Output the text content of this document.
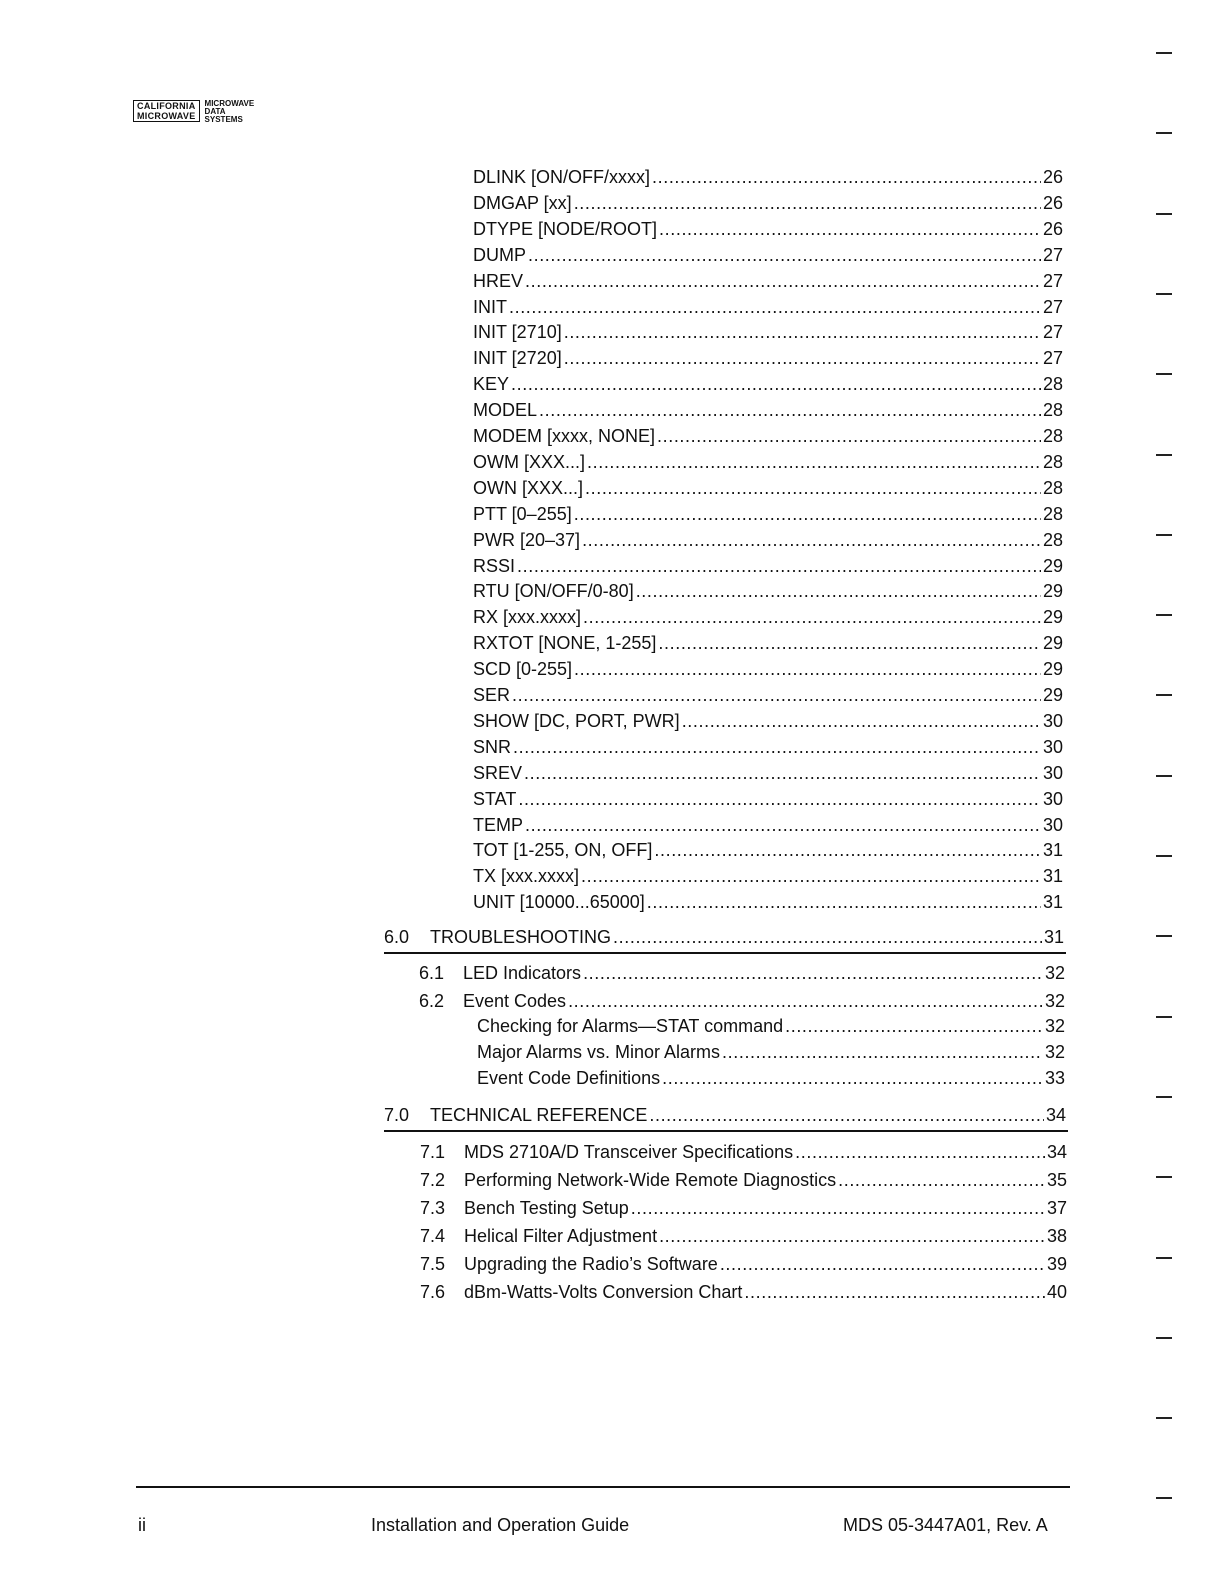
CALIFORNIA
MICROWAVE
MICROWAVE
DATA
SYSTEMS
DLINK [ON/OFF/xxxx] . . .	26
DMGAP [xx] . . .	26
DTYPE [NODE/ROOT] . . .	26
DUMP . . .	27
HREV . . .	27
INIT . . .	27
INIT [2710] . . .	27
INIT [2720] . . .	27
KEY . . .	28
MODEL . . .	28
MODEM [xxxx, NONE] . . .	28
OWM [XXX...] . . .	28
OWN [XXX...] . . .	28
PTT [0–255] . . .	28
PWR [20–37] . . .	28
RSSI . . .	29
RTU [ON/OFF/0-80] . . .	29
RX [xxx.xxxx] . . .	29
RXTOT [NONE, 1-255] . . .	29
SCD [0-255] . . .	29
SER . . .	29
SHOW [DC, PORT, PWR] . . .	30
SNR . . .	30
SREV . . .	30
STAT . . .	30
TEMP . . .	30
TOT [1-255, ON, OFF] . . .	31
TX [xxx.xxxx] . . .	31
UNIT [10000...65000] . . .	31
6.0	TROUBLESHOOTING . . .	31
6.1	LED Indicators . . .	32
6.2	Event Codes . . .	32
Checking for Alarms—STAT command . . .	32
Major Alarms vs. Minor Alarms . . .	32
Event Code Definitions . . .	33
7.0	TECHNICAL REFERENCE . . .	34
7.1	MDS 2710A/D Transceiver Specifications . . .	34
7.2	Performing Network-Wide Remote Diagnostics . . .	35
7.3	Bench Testing Setup . . .	37
7.4	Helical Filter Adjustment . . .	38
7.5	Upgrading the Radio’s Software . . .	39
7.6	dBm-Watts-Volts Conversion Chart . . .	40
ii	Installation and Operation Guide	MDS 05-3447A01, Rev. A
